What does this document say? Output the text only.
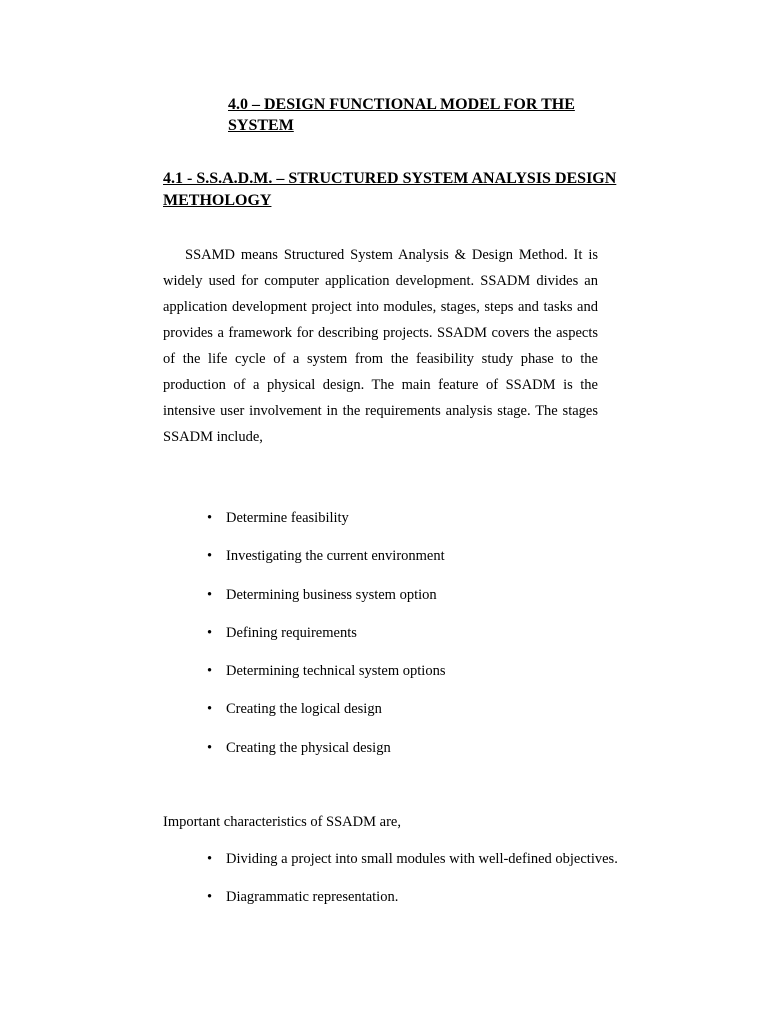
4.0 – DESIGN FUNCTIONAL MODEL FOR THE SYSTEM
4.1 - S.S.A.D.M. – STRUCTURED SYSTEM ANALYSIS DESIGN METHOLOGY

SSAMD means Structured System Analysis & Design Method. It is widely used for computer application development. SSADM divides an application development project into modules, stages, steps and tasks and provides a framework for describing projects. SSADM covers the aspects of the life cycle of a system from the feasibility study phase to the production of a physical design. The main feature of SSADM is the intensive user involvement in the requirements analysis stage. The stages SSADM include,

• Determine feasibility
• Investigating the current environment
• Determining business system option
• Defining requirements
• Determining technical system options
• Creating the logical design
• Creating the physical design

Important characteristics of SSADM are,

• Dividing a project into small modules with well-defined objectives.
• Diagrammatic representation.
